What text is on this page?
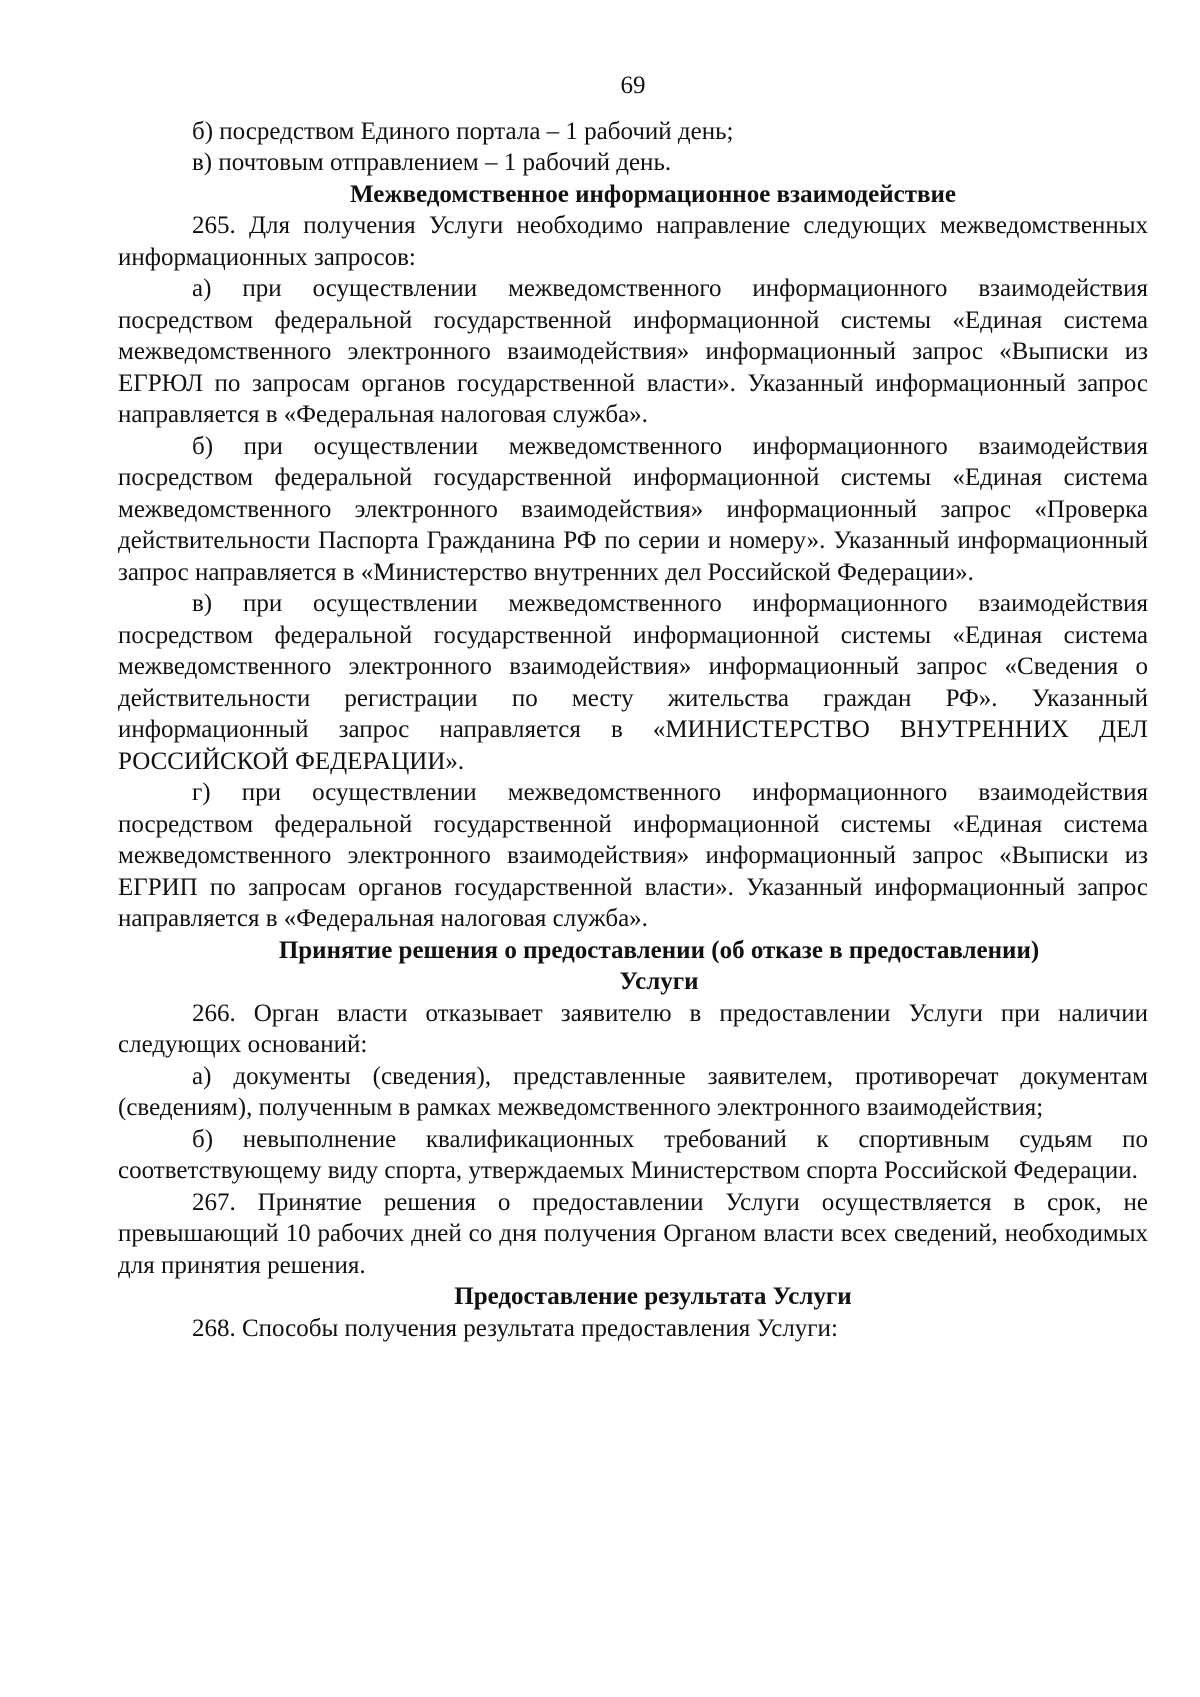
69

б) посредством Единого портала – 1 рабочий день;

в) почтовым отправлением – 1 рабочий день.

Межведомственное информационное взаимодействие

265. Для получения Услуги необходимо направление следующих межведомственных информационных запросов:

а) при осуществлении межведомственного информационного взаимодействия посредством федеральной государственной информационной системы «Единая система межведомственного электронного взаимодействия» информационный запрос «Выписки из ЕГРЮЛ по запросам органов государственной власти». Указанный информационный запрос направляется в «Федеральная налоговая служба».

б) при осуществлении межведомственного информационного взаимодействия посредством федеральной государственной информационной системы «Единая система межведомственного электронного взаимодействия» информационный запрос «Проверка действительности Паспорта Гражданина РФ по серии и номеру». Указанный информационный запрос направляется в «Министерство внутренних дел Российской Федерации».

в) при осуществлении межведомственного информационного взаимодействия посредством федеральной государственной информационной системы «Единая система межведомственного электронного взаимодействия» информационный запрос «Сведения о действительности регистрации по месту жительства граждан РФ». Указанный информационный запрос направляется в «МИНИСТЕРСТВО ВНУТРЕННИХ ДЕЛ РОССИЙСКОЙ ФЕДЕРАЦИИ».

г) при осуществлении межведомственного информационного взаимодействия посредством федеральной государственной информационной системы «Единая система межведомственного электронного взаимодействия» информационный запрос «Выписки из ЕГРИП по запросам органов государственной власти». Указанный информационный запрос направляется в «Федеральная налоговая служба».

Принятие решения о предоставлении (об отказе в предоставлении)

Услуги

266. Орган власти отказывает заявителю в предоставлении Услуги при наличии следующих оснований:

а) документы (сведения), представленные заявителем, противоречат документам (сведениям), полученным в рамках межведомственного электронного взаимодействия;

б) невыполнение квалификационных требований к спортивным судьям по соответствующему виду спорта, утверждаемых Министерством спорта Российской Федерации.

267. Принятие решения о предоставлении Услуги осуществляется в срок, не превышающий 10 рабочих дней со дня получения Органом власти всех сведений, необходимых для принятия решения.

Предоставление результата Услуги

268. Способы получения результата предоставления Услуги:
